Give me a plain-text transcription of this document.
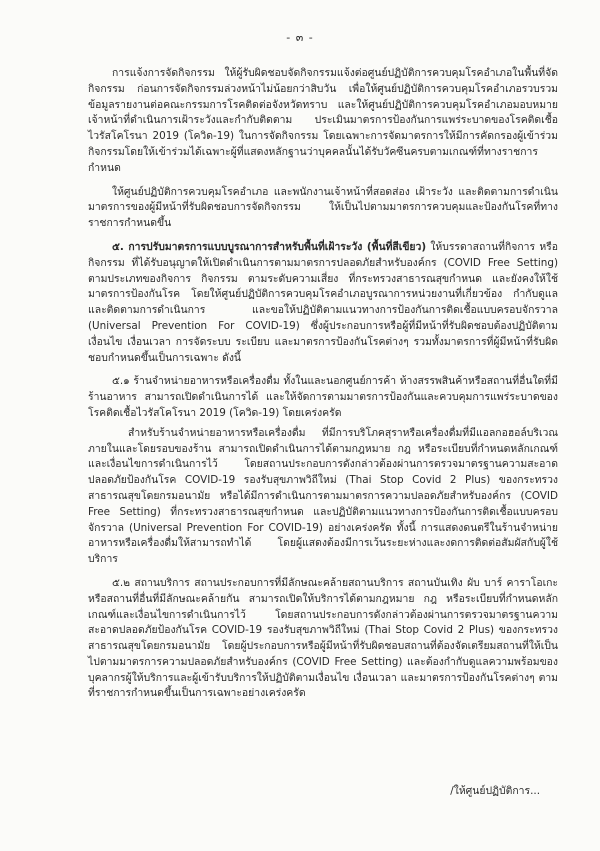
- ๓ -

การแจ้งการจัดกิจกรรม ให้ผู้รับผิดชอบจัดกิจกรรมแจ้งต่อศูนย์ปฏิบัติการควบคุมโรคอำเภอในพื้นที่จัดกิจกรรม ก่อนการจัดกิจกรรมล่วงหน้าไม่น้อยกว่าสิบวัน เพื่อให้ศูนย์ปฏิบัติการควบคุมโรคอำเภอรวบรวมข้อมูลรายงานต่อคณะกรรมการโรคติดต่อจังหวัดทราบ และให้ศูนย์ปฏิบัติการควบคุมโรคอำเภอมอบหมายเจ้าหน้าที่ดำเนินการเฝ้าระวังและกำกับติดตาม ประเมินมาตรการป้องกันการแพร่ระบาดของโรคติดเชื้อไวรัสโคโรนา 2019 (โควิด-19) ในการจัดกิจกรรม โดยเฉพาะการจัดมาตรการให้มีการคัดกรองผู้เข้าร่วมกิจกรรมโดยให้เข้าร่วมได้เฉพาะผู้ที่แสดงหลักฐานว่าบุคคลนั้นได้รับวัคซีนครบตามเกณฑ์ที่ทางราชการกำหนด

ให้ศูนย์ปฏิบัติการควบคุมโรคอำเภอ และพนักงานเจ้าหน้าที่สอดส่อง เฝ้าระวัง และติดตามการดำเนินมาตรการของผู้มีหน้าที่รับผิดชอบการจัดกิจกรรม ให้เป็นไปตามมาตรการควบคุมและป้องกันโรคที่ทางราชการกำหนดขึ้น

๕. การปรับมาตรการแบบบูรณาการสำหรับพื้นที่เฝ้าระวัง (พื้นที่สีเขียว) ให้บรรดาสถานที่กิจการ หรือกิจกรรม ที่ได้รับอนุญาตให้เปิดดำเนินการตามมาตรการปลอดภัยสำหรับองค์กร (COVID Free Setting) ตามประเภทของกิจการ กิจกรรม ตามระดับความเสี่ยง ที่กระทรวงสาธารณสุขกำหนด และยังคงให้ใช้มาตรการป้องกันโรค โดยให้ศูนย์ปฏิบัติการควบคุมโรคอำเภอบูรณาการหน่วยงานที่เกี่ยวข้อง กำกับดูแลและติดตามการดำเนินการ และขอให้ปฏิบัติตามแนวทางการป้องกันการติดเชื้อแบบครอบจักรวาล (Universal Prevention For COVID-19) ซึ่งผู้ประกอบการหรือผู้ที่มีหน้าที่รับผิดชอบต้องปฏิบัติตามเงื่อนไข เงื่อนเวลา การจัดระบบ ระเบียบ และมาตรการป้องกันโรคต่างๆ รวมทั้งมาตรการที่ผู้มีหน้าที่รับผิดชอบกำหนดขึ้นเป็นการเฉพาะ ดังนี้

๕.๑ ร้านจำหน่ายอาหารหรือเครื่องดื่ม ทั้งในและนอกศูนย์การค้า ห้างสรรพสินค้าหรือสถานที่อื่นใดที่มีร้านอาหาร สามารถเปิดดำเนินการได้ และให้จัดการตามมาตรการป้องกันและควบคุมการแพร่ระบาดของโรคติดเชื้อไวรัสโคโรนา 2019 (โควิด-19) โดยเคร่งครัด

สำหรับร้านจำหน่ายอาหารหรือเครื่องดื่ม ที่มีการบริโภคสุราหรือเครื่องดื่มที่มีแอลกอฮอล์บริเวณภายในและโดยรอบของร้าน สามารถเปิดดำเนินการได้ตามกฎหมาย กฎ หรือระเบียบที่กำหนดหลักเกณฑ์และเงื่อนไขการดำเนินการไว้ โดยสถานประกอบการดังกล่าวต้องผ่านการตรวจมาตรฐานความสะอาดปลอดภัยป้องกันโรค COVID-19 รองรับสุขภาพวิถีใหม่ (Thai Stop Covid 2 Plus) ของกระทรวงสาธารณสุขโดยกรมอนามัย หรือได้มีการดำเนินการตามมาตรการความปลอดภัยสำหรับองค์กร (COVID Free Setting) ที่กระทรวงสาธารณสุขกำหนด และปฏิบัติตามแนวทางการป้องกันการติดเชื้อแบบครอบจักรวาล (Universal Prevention For COVID-19) อย่างเคร่งครัด ทั้งนี้ การแสดงดนตรีในร้านจำหน่ายอาหารหรือเครื่องดื่มให้สามารถทำได้ โดยผู้แสดงต้องมีการเว้นระยะห่างและงดการติดต่อสัมผัสกับผู้ใช้บริการ

๕.๒ สถานบริการ สถานประกอบการที่มีลักษณะคล้ายสถานบริการ สถานบันเทิง ผับ บาร์ คาราโอเกะหรือสถานที่อื่นที่มีลักษณะคล้ายกัน สามารถเปิดให้บริการได้ตามกฎหมาย กฎ หรือระเบียบที่กำหนดหลักเกณฑ์และเงื่อนไขการดำเนินการไว้ โดยสถานประกอบการดังกล่าวต้องผ่านการตรวจมาตรฐานความสะอาดปลอดภัยป้องกันโรค COVID-19 รองรับสุขภาพวิถีใหม่ (Thai Stop Covid 2 Plus) ของกระทรวงสาธารณสุขโดยกรมอนามัย โดยผู้ประกอบการหรือผู้มีหน้าที่รับผิดชอบสถานที่ต้องจัดเตรียมสถานที่ให้เป็นไปตามมาตรการความปลอดภัยสำหรับองค์กร (COVID Free Setting) และต้องกำกับดูแลความพร้อมของบุคลากรผู้ให้บริการและผู้เข้ารับบริการให้ปฏิบัติตามเงื่อนไข เงื่อนเวลา และมาตรการป้องกันโรคต่างๆ ตามที่ราชการกำหนดขึ้นเป็นการเฉพาะอย่างเคร่งครัด

/ให้ศูนย์ปฏิบัติการ...
